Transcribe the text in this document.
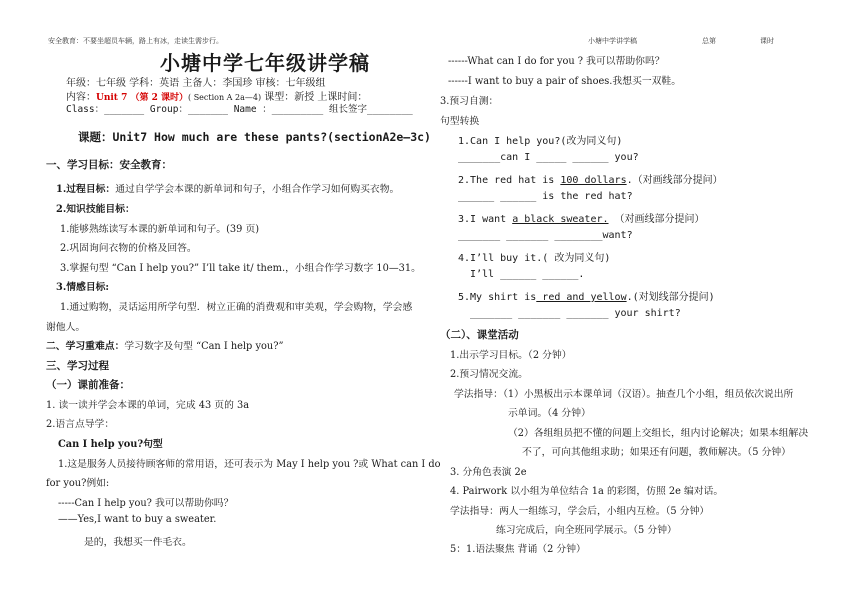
安全教育：不要坐超员车辆，路上有冰，走读生需步行。	小塘中学讲学稿	总第	课时
小塘中学七年级讲学稿
年级：七年级 学科：英语 主备人：李国珍 审核：七年级组
内容：Unit 7 （第 2 课时）( Section A 2a—4) 课型：新授 上课时间：
Class：_______ Group：_______ Name ：_________ 组长签字________
课题：Unit7 How much are these pants?(sectionA2e—3c)
一、学习目标：安全教育：
1.过程目标：通过自学学会本课的新单词和句子，小组合作学习如何购买衣物。
2.知识技能目标：
1.能够熟练读写本课的新单词和句子。(39 页)
2.巩固询问衣物的价格及回答。
3.掌握句型 “Can I help you?” I’ll take it/ them.，小组合作学习数字 10—31。
3.情感目标:
1.通过购物，灵话运用所学句型．树立正确的消费观和审美观，学会购物，学会感
谢他人。
二、学习重难点：学习数字及句型 “Can I help you?”
三、学习过程
（一）课前准备：
1. 读一读并学会本课的单词，完成 43 页的 3a
2.语言点导学：
Can I help you?句型
1.这是服务人员接待顾客师的常用语，还可表示为 May I help you ?或 What can I do
for you?例如:
-----Can I help you? 我可以帮助你吗？
——Yes,I want to buy a sweater.
是的，我想买一件毛衣。
------What can I do for you ? 我可以帮助你吗？
------I want to buy a pair of shoes.我想买一双鞋。
3.预习自测：
句型转换
1.Can I help you?(改为同义句)
_______can I _____ ______ you?
2.The red hat is 100 dollars.（对画线部分提问）
______ ______ is the red hat?
3.I want a black sweater. （对画线部分提问）
_______ _______ ________want?
4.I’ll buy it.( 改为同义句)
I’ll ______ ______.
5.My shirt is red and yellow.(对划线部分提问)
_______ _______ _______ your shirt?
（二）、课堂活动
1.出示学习目标。（2 分钟）
2.预习情况交流。
学法指导：（1）小黑板出示本课单词（汉语）。抽查几个小组，组员依次说出所
示单词。（4 分钟）
（2）各组组员把不懂的问题上交组长，组内讨论解决；如果本组解决
不了，可向其他组求助；如果还有问题，教师解决。（5 分钟）
3. 分角色表演 2e
4. Pairwork 以小组为单位结合 1a 的彩图，仿照 2e 编对话。
学法指导：两人一组练习，学会后，小组内互检。（5 分钟）
练习完成后，向全班同学展示。（5 分钟）
5：1.语法聚焦 背诵（2 分钟）
